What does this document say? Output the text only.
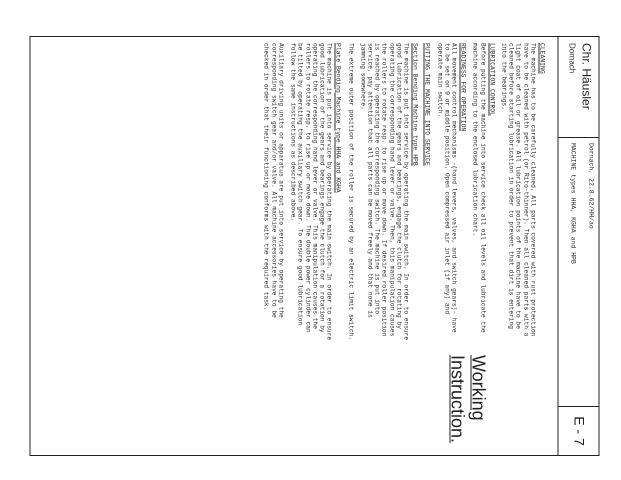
Chr. Häusler
Dornach
Dornach, 22.8.62/HH/ao
MACHINE types HHA, KGHA and HPB
E - 7
CLEANING

The machine has to be carefully cleaned. All parts covered with rust protection have to be cleaned with petrol (or Rito-thinner). Then all cleaned parts with a light coat of oil or grease. All lubrication points of the machine have to be cleaned before starting lubrication in order to prevent that dirt is entering into the bearings.

LUBRICATION CONTROL

Before putting the machine into service check all oil levels and lubricate the machine according to the enclosed lubrication chart.

READINESS FOR OPERATION

All movement control mechanisms -(hand levers, valves, and switch gears)- have to be set on 0 or middle position. Open compressed air inlet (if any) and operate main switch.

PUTTING THE MACHINE INTO SERVICE
Section Bending Machine type HPB

The machine is put into service by operating the main switch. In order to ensure good lubrication of the gears and bearings, engage the clutch for rotating by operating the corresponding hand lever or valve. Then, this manipulation causes the rollers to rotate resp. to rise up or move down. If desired roller position is reached by operating the corresponding switch. The machine is put into service, pay attention that all parts can be moved freely and that none is jamming somewhere.

The extreme outer position of the roller is secured by an electric limit switch.

Plate Bending Machine type HHA and KGHA

The machine is put into service by operating the main switch. In order to ensure good lubrication of the gears and bearings engage the clutch for a rotation by operating the corresponding hand lever or valve. This manipulation causes the rollers to rotate resp. to rise up or move down. The double power cylinder can be tilted by operating the auxiliary switch gear. To ensure good lubrication follow the same instructions as described above.

Auxiliary driving units or apparatus are put into service by operating the corresponding switch gear and/or valve. All machine accessories have to be checked in order that their functioning conforms with the required task.

Working Instruction.
